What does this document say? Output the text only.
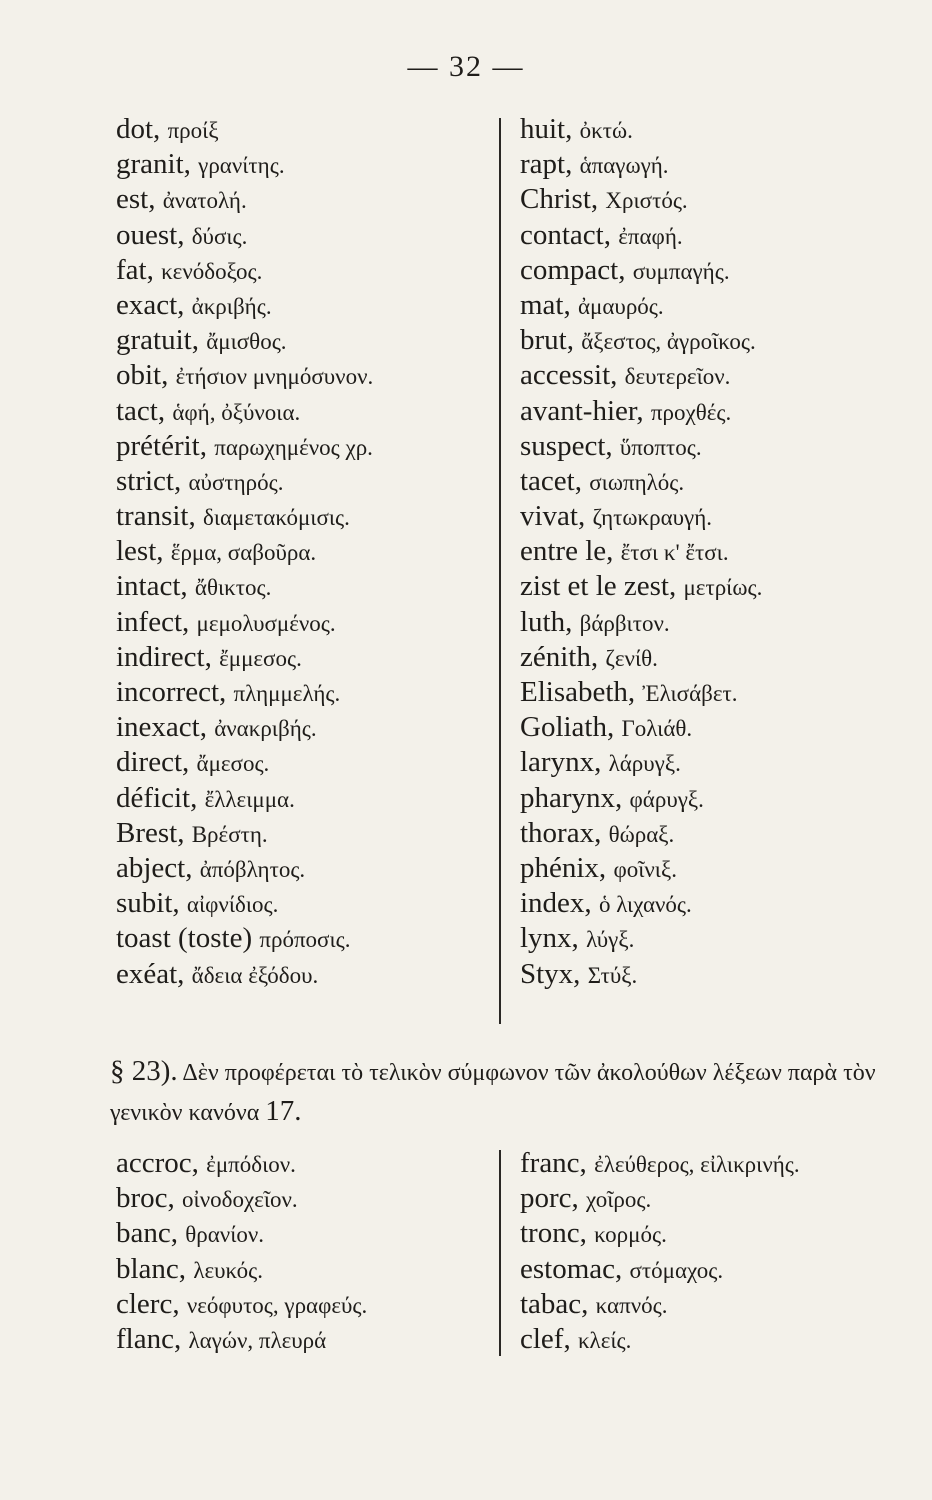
— 32 —
dot, προίξ
granit, γρανίτης.
est, ἀνατολή.
ouest, δύσις.
fat, κενόδοξος.
exact, ἀκριβής.
gratuit, ἄμισθος.
obit, ἐτήσιον μνημόσυνον.
tact, ἁφή, ὀξύνοια.
prétérit, παρωχημένος χρ.
strict, αὐστηρός.
transit, διαμετακόμισις.
lest, ἕρμα, σαβοῦρα.
intact, ἄθικτος.
infect, μεμολυσμένος.
indirect, ἔμμεσος.
incorrect, πλημμελής.
inexact, ἀνακριβής.
direct, ἄμεσος.
déficit, ἔλλειμμα.
Brest, Βρέστη.
abject, ἀπόβλητος.
subit, αἰφνίδιος.
toast (toste) πρόποσις.
exéat, ἄδεια ἐξόδου.
huit, ὀκτώ.
rapt, ἁπαγωγή.
Christ, Χριστός.
contact, ἐπαφή.
compact, συμπαγής.
mat, ἀμαυρός.
brut, ἄξεστος, ἀγροῖκος.
accessit, δευτερεῖον.
avant-hier, προχθές.
suspect, ὕποπτος.
tacet, σιωπηλός.
vivat, ζητωκραυγή.
entre le, ἔτσι κ' ἔτσι.
zist et le zest, μετρίως.
luth, βάρβιτον.
zénith, ζενίθ.
Elisabeth, Ἐλισάβετ.
Goliath, Γολιάθ.
larynx, λάρυγξ.
pharynx, φάρυγξ.
thorax, θώραξ.
phénix, φοῖνιξ.
index, ὁ λιχανός.
lynx, λύγξ.
Styx, Στύξ.

§ 23). Δὲν προφέρεται τὸ τελικὸν σύμφωνον τῶν ἀκολούθων λέξεων παρὰ τὸν γενικὸν κανόνα 17.

accroc, ἐμπόδιον.
broc, οἰνοδοχεῖον.
banc, θρανίον.
blanc, λευκός.
clerc, νεόφυτος, γραφεύς.
flanc, λαγών, πλευρά
franc, ἐλεύθερος, εἰλικρινής.
porc, χοῖρος.
tronc, κορμός.
estomac, στόμαχος.
tabac, καπνός.
clef, κλείς.
